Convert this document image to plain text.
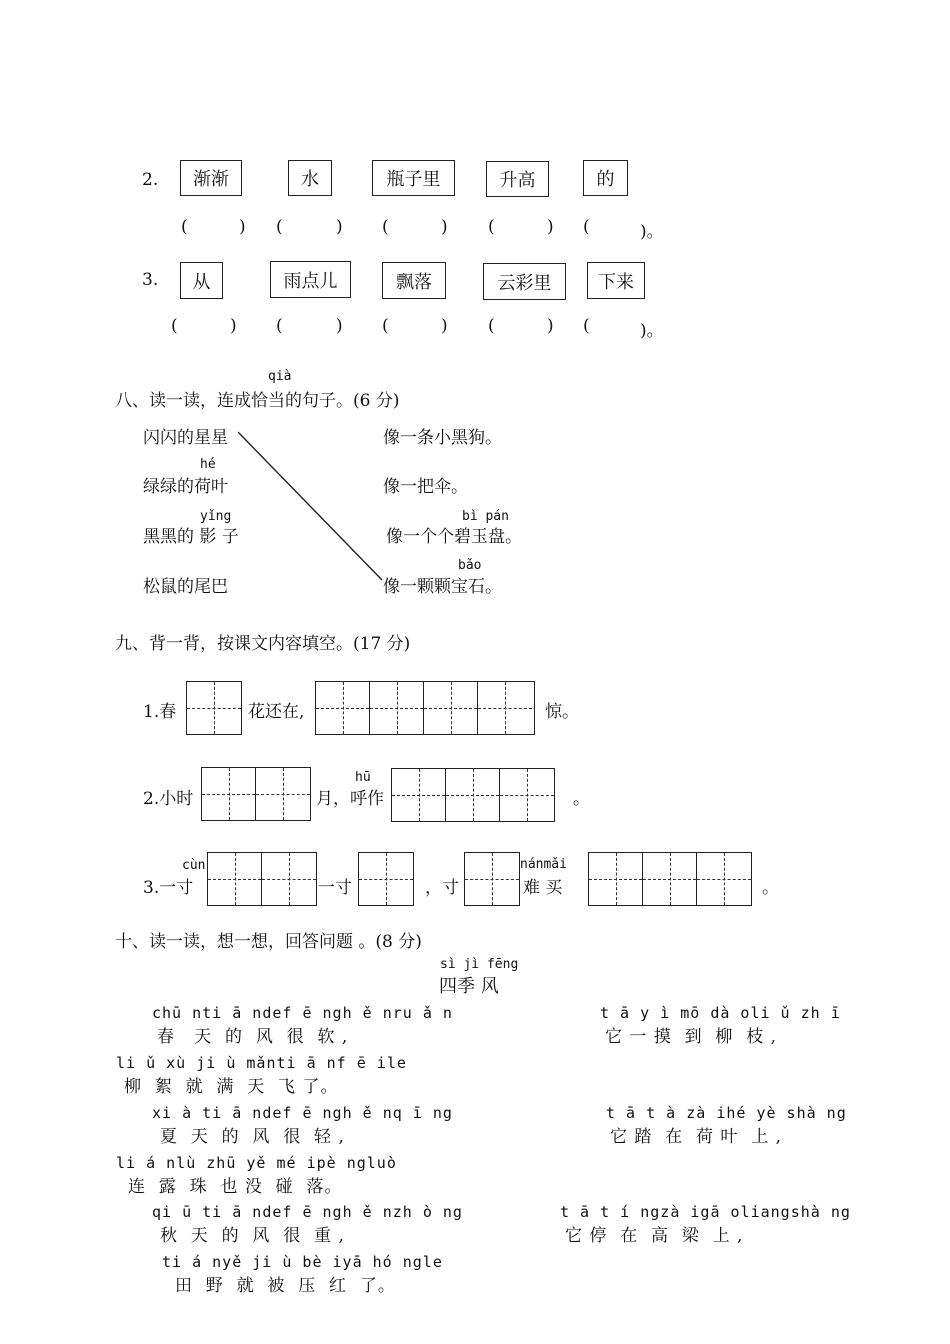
2.	渐渐	水	瓶子里	升高	的
(	) (	) (	) (	) (	)。
3.	从	雨点儿	飘落	云彩里	下来
(	) (	) (	) (	) (	)。
qià
八、读一读，连成恰当的句子。(6 分)
闪闪的星星
hé
绿绿的荷叶
yǐng
黑黑的 影 子
松鼠的尾巴
像一条小黑狗。
像一把伞。
bì pán
像一个个碧玉盘。
bǎo
像一颗颗宝石。
九、背一背，按课文内容填空。(17 分)
1.春	花还在,	惊。
2.小时
hū
月，呼作	。
cùn
3.一寸	一寸	，寸
nánmǎi
难 买	。
十、读一读，想一想，回答问题 。(8 分)
sì jì fēng
四季 风
chū nti ā ndef ē ngh ě nru ǎ n
春   天  的  风  很  软 ,
t ā y ì mō dà oli ǔ zh ī
它 一 摸  到  柳  枝 ,
li ǔ xù ji ù mǎnti ā nf ē ile
柳  絮  就  满  天  飞 了。
xi à ti ā ndef ē ngh ě nq ī ng
夏  天  的  风  很  轻 ,
t ā t à zà ihé yè shà ng
它 踏  在  荷 叶  上 ,
li á nlù zhū yě mé ipè ngluò
连  露  珠  也 没  碰  落。
qi ū ti ā ndef ē ngh ě nzh ò ng
秋  天  的  风  很  重 ,
t ā t í ngzà igā oliangshà ng
它 停  在  高  梁  上 ,
ti á nyě ji ù bè iyā hó ngle
田  野  就  被  压  红  了。
